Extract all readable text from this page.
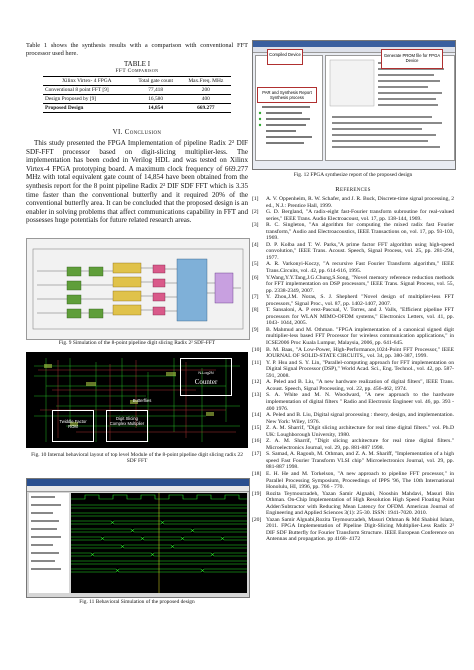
Table 1 shows the synthesis results with a comparison with conventional FFT processor used here.

TABLE I
FFT Comparison
Xilinx Virtex- 4 FPGA	Total gate count	Max.Freq. MHz
Conventional 8 point FFT [9]	77,418	200
Design Proposed by [9]	16,580	400
Proposed Design	14,854	669.277
VI. Conclusion

This study presented the FPGA Implementation of pipeline Radix 2² DIF SDF-FFT processor based on digit-slicing multiplier-less. The implementation has been coded in Verilog HDL and was tested on Xilinx Virtex-4 FPGA prototyping board. A maximum clock frequency of 669.277 MHz with total equivalent gate count of 14,854 have been obtained from the synthesis report for the 8 point pipeline Radix 2² DIF SDF FFT which is 3.35 time faster than the conventional butterfly and it required 20% of the conventional butterfly area. It can be concluded that the proposed design is an enabler in solving problems that affect communications capability in FFT and possesses huge potentials for future related research areas.

Fig. 9 Simulation of the 8-point pipeline digit slicing Radix 2² SDF-FFT
N-Log2N
Counter
Butterflies
Twiddle Factor ROM
Digit Slicing Complex Multiplier
Fig. 10 Internal behavioral layout of top level Module of the 8-point pipeline digit slicing radix 22 SDF FFT
Fig. 11 Behavioral Simulation of the proposed design
Compiled Device	Generate PROM file for FPGA Device
PAR and Synthesis Report Synthesis process
Fig. 12 FPGA synthesize report of the proposed design
References
[1]	A. V. Oppenheim, R. W. Schafer, and J. R. Buck, Discrete-time signal processing, 2 ed., N.J.: Prentice Hall, 1999.
[2]	G. D. Bergland, "A radix-eight fast-Fourier transform subroutine for real-valued series," IEEE Trans. Audio Electroacoust, vol. 17, pp. 138-144, 1969.
[3]	R. C. Singleton, "An algorithm for computing the mixed radix fast Fourier transform," Audio and Electroacoustics, IEEE Transactions on, vol. 17, pp. 93-103, 1969.
[4]	D. P. Kolba and T. W. Parks,"A prime factor FFT algorithm using high-speed convolution," IEEE Trans. Acoust. Speech, Signal Process, vol. 25, pp. 281-294, 1977.
[5]	A. R. Varkonyi-Koczy, "A recursive Fast Fourier Transform algorithm," IEEE Trans.Circuits, vol. 42, pp. 614-616, 1995.
[6]	Y.Wang,Y.Y.Tang,J.G.Chung,S.Song, "Novel memory reference reduction methods for FFT implementation on DSP processors," IEEE Trans. Signal Process, vol. 55, pp. 2338-2349, 2007.
[7]	Y. Zhou,J.M. Noras, S. J. Shepherd "Novel design of multiplier-less FFT processors," Signal Proc., vol. 87, pp. 1402-1407, 2007.
[8]	T. Sansaloni, A. P erez-Pascual, V. Torres, and J. Valls, "Efficient pipeline FFT processors for WLAN MIMO-OFDM systems," Electronics Letters, vol. 41, pp. 1043- 1044, 2005.
[9]	B. Mahmud and M. Othman. "FPGA implementation of a canonical signed digit multiplier-less based FFT Processor for wireless communication applications," in ICSE2006 Proc Kuala Lumpur, Malaysia, 2006, pp. 641-645.
[10] B. M. Baas, "A Low-Power, High-Performance,1024-Point FFT Processor," IEEE JOURNAL OF SOLID-STATE CIRCUITS,, vol. 34, pp. 380-387, 1999.
[11] Y. P. Hsu and S. Y. Lin, "Parallel-computing approach for FFT implementation on Digital Signal Processor (DSP)," World Acad. Sci., Eng. Technol., vol. 42, pp. 587-591, 2008.
[12] A. Peled and B. Liu, "A new hardware realization of digital filters", IEEE Trans. Acoust. Speech, Signal Processing, vol. 22, pp. 456-462, 1974.
[13] S. A. White and M. N. Woodward, "A new approach to the hardware implementation of digital filters " Radio and Electronic Engineer vol. 46, pp. 393 - 400 1976.
[14] A. Peled and B. Liu, Digital signal processing : theory, design, and implementation. New York: Wiley, 1976.
[15] Z. A. M. Sharrif, "Digit slicing architecture for real time digital filters." vol. Ph.D UK: Loughborough University, 1980.
[16] Z. A. M. Sharrif, "Digit slicing architecture for real time digital filters." Microelectronics Journal, vol. 29, pp. 881-887 1998.
[17] S. Samad, A. Ragoub, M. Othman, and Z. A. M. Shariff, "Implementation of a high speed Fast Fourier Transform VLSI chip" Microelectronics Journal, vol. 29, pp. 881-887 1998.
[18] E. H. He and M. Torkelson, "A new approach to pipeline FFT processor," in Parallel Processing Symposium, Proceedings of IPPS '96, The 10th International Honolulu, HI, 1996, pp. 766 - 770.
[19] Rozita Teymourzadeh, Yazan Samir Algnabi, Nooshin Mahdavi, Masuri Bin Othman. On-Chip Implementation of High Resolution High Speed Floating Point Adder/Subtractor with Reducing Mean Latency for OFDM. American Journal of Engineering and Applied Sciences 3(1): 25-30. ISSN: 1941-7020. 2010.
[20] Yazan Samir Algnabi,Rozita Teymourzadeh, Masuri Othman & Md Shabiul Islam, 2011. FPGA Implementation of Pipeline Digit-Slicing Multiplier-Less Radix 2² DIF SDF Butterfly for Fourier Transform Structure. IEEE European Conference on Antennas and propagation. pp 4168- 4172
